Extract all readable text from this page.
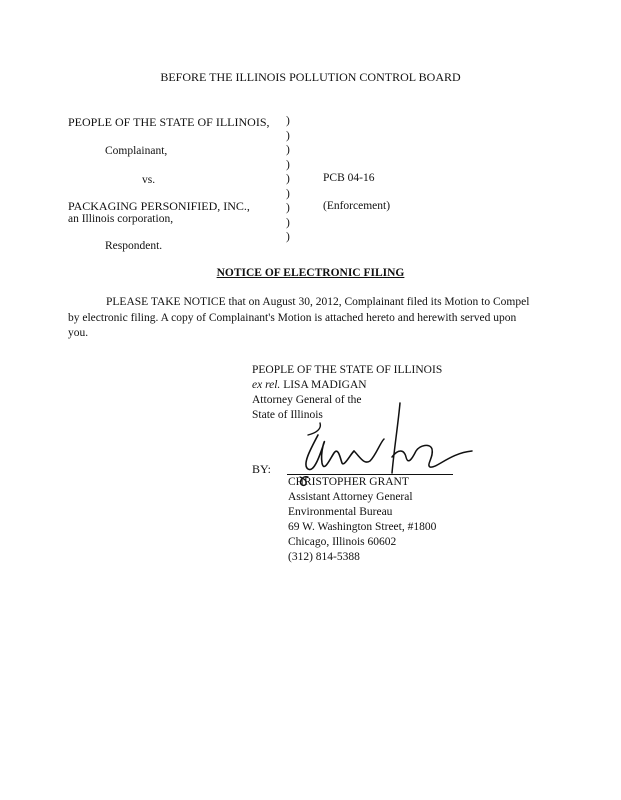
BEFORE THE ILLINOIS POLLUTION CONTROL BOARD
PEOPLE OF THE STATE OF ILLINOIS,
Complainant,
vs.
PACKAGING PERSONIFIED, INC.,
an Illinois corporation,
Respondent.
)
)
)
)
)
)
)
)
)
PCB 04-16
(Enforcement)
NOTICE OF ELECTRONIC FILING
PLEASE TAKE NOTICE that on August 30, 2012, Complainant filed its Motion to Compel by electronic filing. A copy of Complainant's Motion is attached hereto and herewith served upon you.
PEOPLE OF THE STATE OF ILLINOIS
ex rel. LISA MADIGAN
Attorney General of the
State of Illinois
BY:
CHRISTOPHER GRANT
Assistant Attorney General
Environmental Bureau
69 W. Washington Street, #1800
Chicago, Illinois 60602
(312) 814-5388
